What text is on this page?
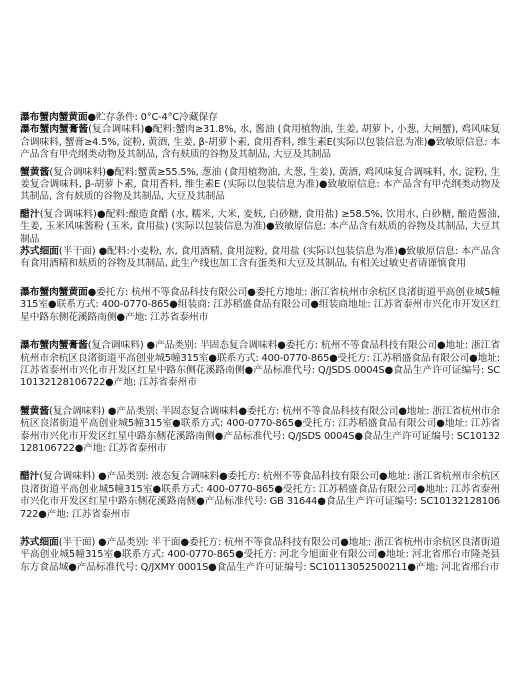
瀑布蟹肉蟹黄面●贮存条件: 0°C-4°C冷藏保存

瀑布蟹肉蟹膏酱(复合调味料)●配料:蟹肉≥31.8%, 水, 酱油 (食用植物油, 生姜, 胡萝卜, 小葱, 大闸蟹), 鸡风味复合调味料, 蟹膏≥4.5%, 淀粉, 黄酒, 生姜, β-胡萝卜素, 食用香料, 维生素E(实际以包装信息为准)●致敏原信息: 本产品含有甲壳纲类动物及其制品, 含有麸质的谷物及其制品, 大豆及其制品

蟹黄酱(复合调味料)●配料:蟹黄≥55.5%, 葱油 (食用植物油, 大葱, 生姜), 黄酒, 鸡风味复合调味料, 水, 淀粉, 生姜复合调味料, β-胡萝卜素, 食用香料, 维生素E (实际以包装信息为准)●致敏原信息: 本产品含有甲壳纲类动物及其制品, 含有麸质的谷物及其制品, 大豆及其制品

醋汁(复合调味料)●配料:酿造食醋 (水, 糯米, 大米, 麦麸, 白砂糖, 食用盐) ≥58.5%, 饮用水, 白砂糖, 酿造酱油, 生姜, 玉米风味酱粉 (玉米, 食用盐) (实际以包装信息为准)●致敏原信息: 本产品含有麸质的谷物及其制品, 大豆其制品

苏式细面(半干面) ●配料:小麦粉, 水, 食用酒精, 食用淀粉, 食用盐 (实际以包装信息为准)●致敏原信息: 本产品含有食用酒精和麸质的谷物及其制品, 此生产线也加工含有蛋类和大豆及其制品, 有相关过敏史者请谨慎食用

瀑布蟹肉蟹黄面●委托方: 杭州不等食品科技有限公司●委托方地址: 浙江省杭州市余杭区良渚街道平高创业城5幢315室●联系方式: 400-0770-865●组装商: 江苏稻盛食品有限公司●组装商地址: 江苏省泰州市兴化市开发区红星中路东侧花溪路南侧●产地: 江苏省泰州市

瀑布蟹肉蟹膏酱(复合调味料) ●产品类别: 半固态复合调味料●委托方: 杭州不等食品科技有限公司●地址: 浙江省杭州市余杭区良渚街道平高创业城5幢315室●联系方式: 400-0770-865●受托方: 江苏稻盛食品有限公司●地址: 江苏省泰州市兴化市开发区红星中路东侧花溪路南侧●产品标准代号: Q/JSDS 0004S●食品生产许可证编号: SC10132128106722●产地: 江苏省泰州市

蟹黄酱(复合调味料) ●产品类别: 半固态复合调味料●委托方: 杭州不等食品科技有限公司●地址: 浙江省杭州市余杭区良渚街道平高创业城5幢315室●联系方式: 400-0770-865●受托方: 江苏稻盛食品有限公司●地址: 江苏省泰州市兴化市开发区红星中路东侧花溪路南侧●产品标准代号: Q/JSDS 0004S●食品生产许可证编号: SC10132128106722●产地: 江苏省泰州市

醋汁(复合调味料) ●产品类别: 液态复合调味料●委托方: 杭州不等食品科技有限公司●地址: 浙江省杭州市余杭区良渚街道平高创业城5幢315室●联系方式: 400-0770-865●受托方: 江苏稻盛食品有限公司●地址: 江苏省泰州市兴化市开发区红星中路东侧花溪路南侧●产品标准代号: GB 31644●食品生产许可证编号: SC10132128106722●产地: 江苏省泰州市

苏式细面(半干面) ●产品类别: 半干面●委托方: 杭州不等食品科技有限公司●地址: 浙江省杭州市余杭区良渚街道平高创业城5幢315室●联系方式: 400-0770-865●受托方: 河北今旭面业有限公司●地址: 河北省邢台市隆尧县东方食品城●产品标准代号: Q/JXMY 0001S●食品生产许可证编号: SC10113052500211●产地: 河北省邢台市
